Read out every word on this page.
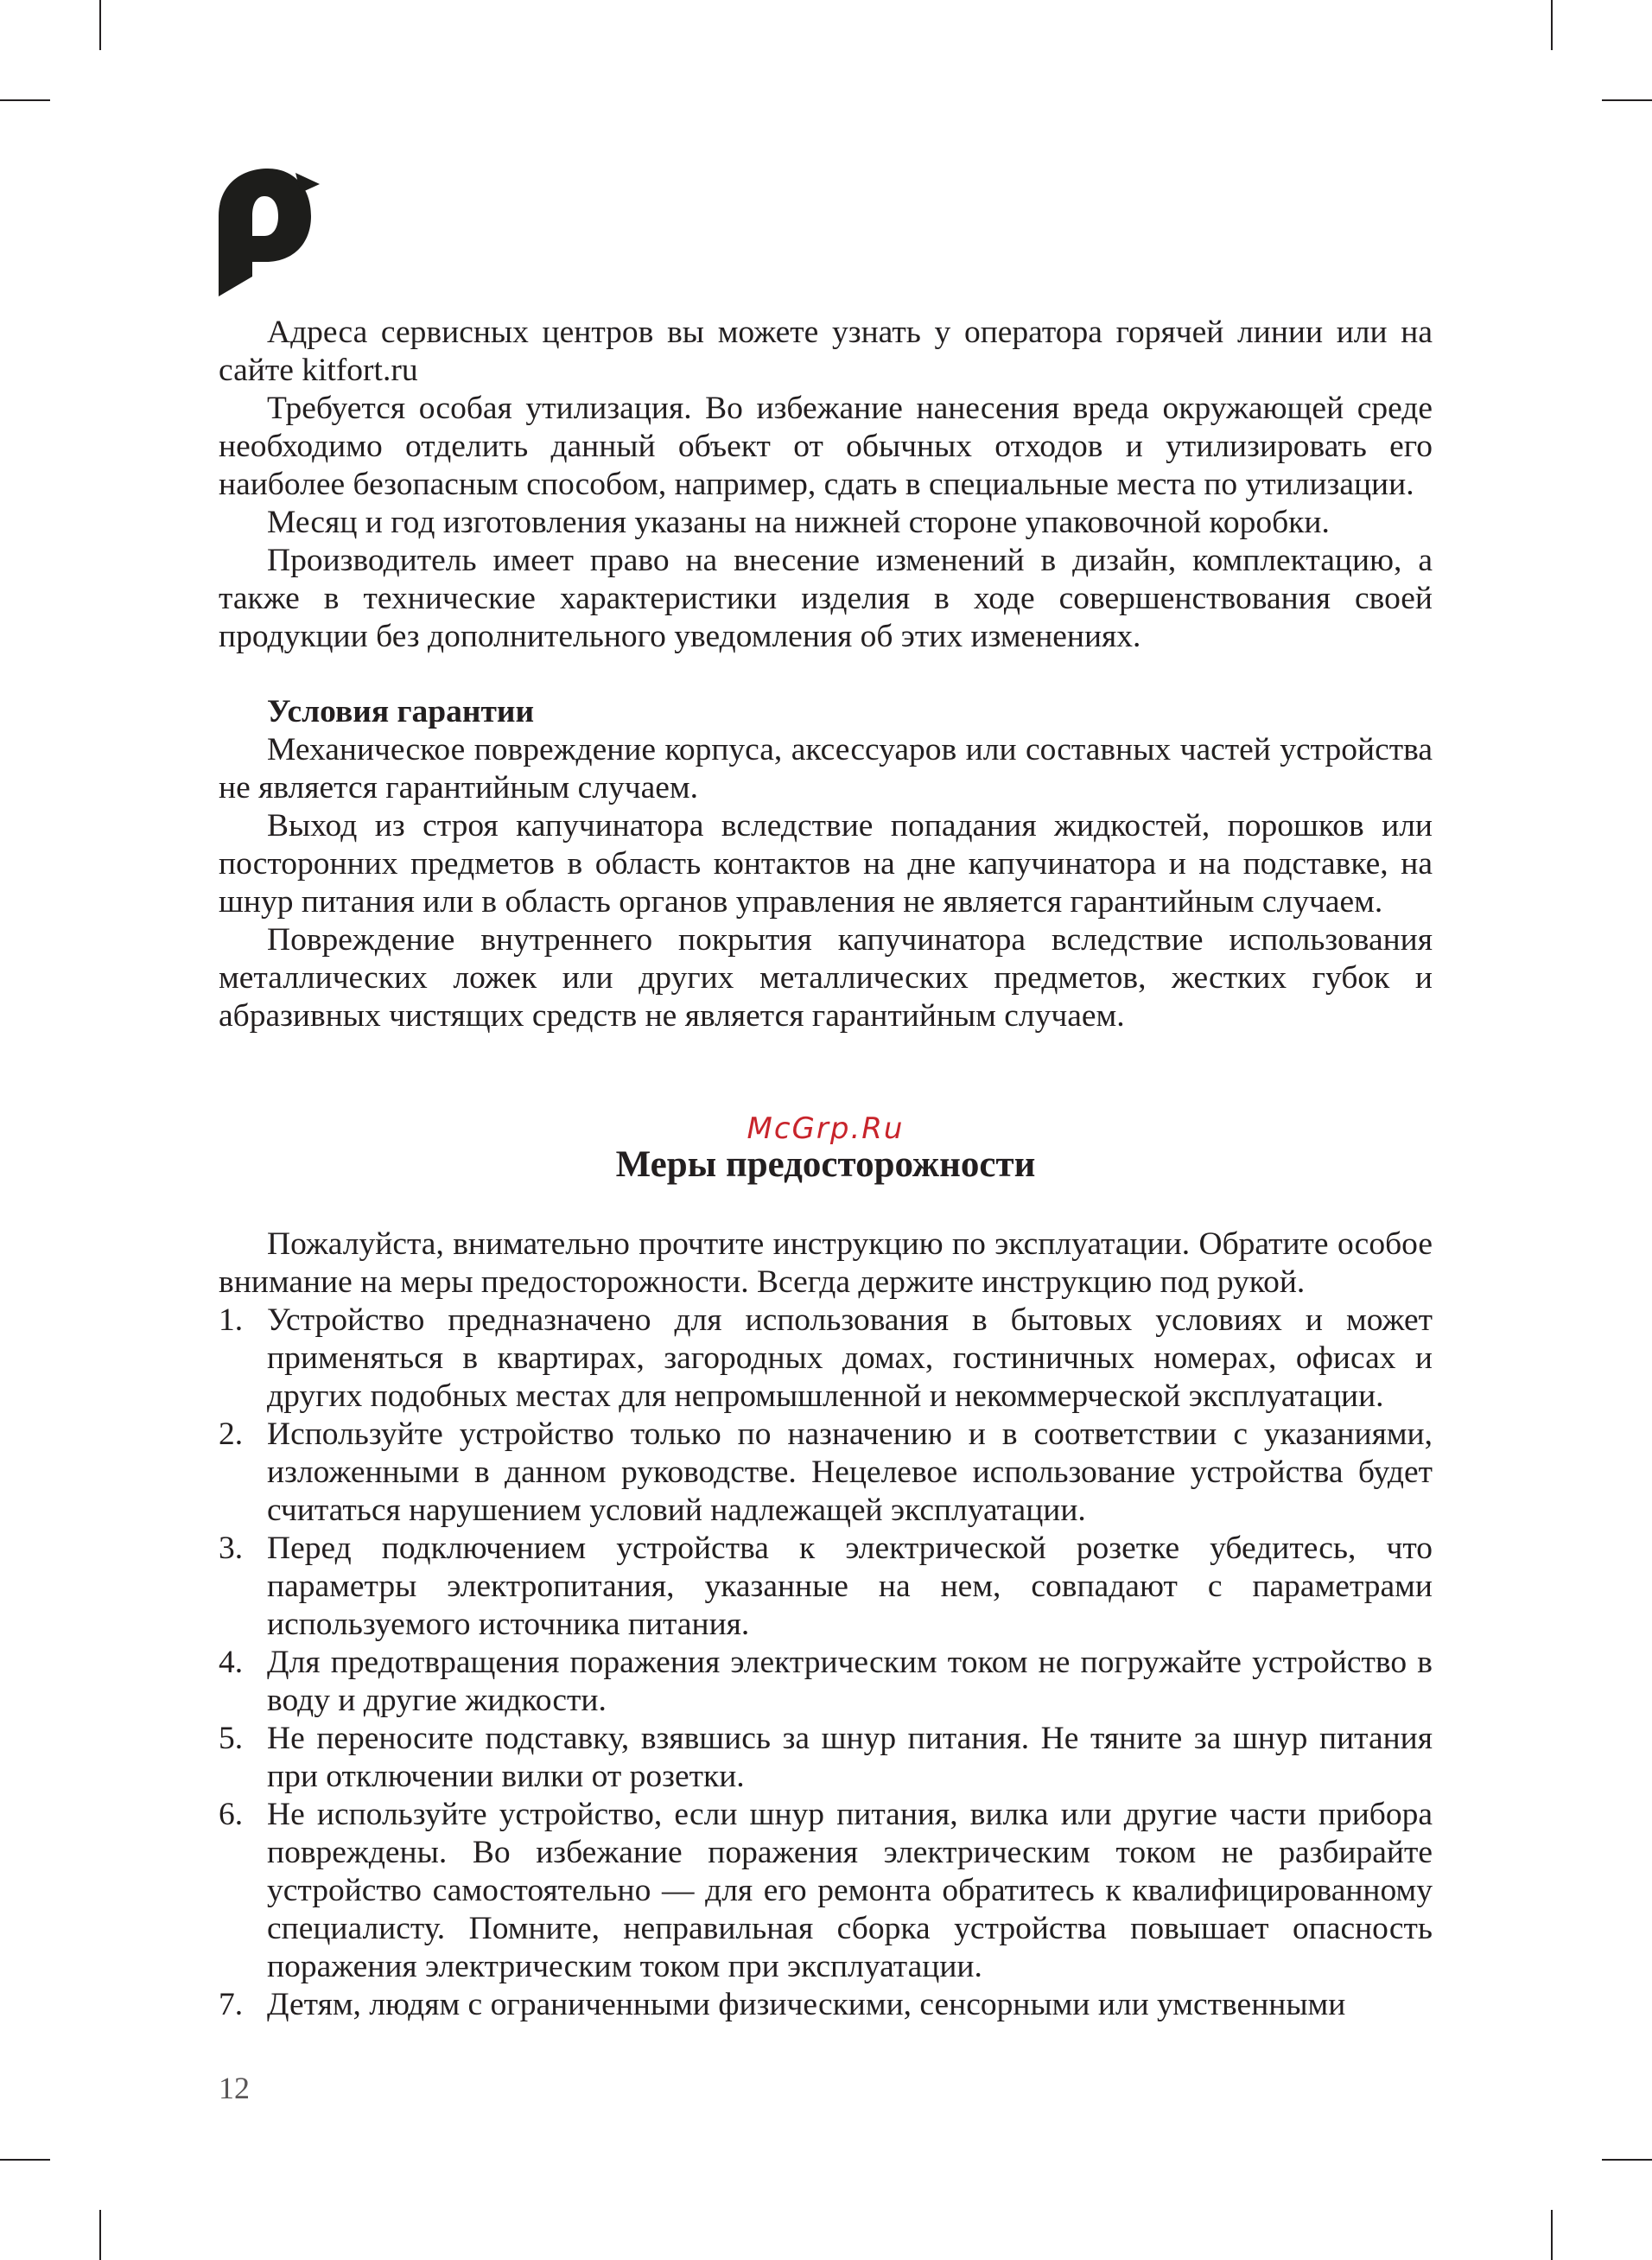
Адреса сервисных центров вы можете узнать у оператора горячей линии или на сайте kitfort.ru

Требуется особая утилизация. Во избежание нанесения вреда окружающей среде необходимо отделить данный объект от обычных отходов и утилизировать его наиболее безопасным способом, например, сдать в специальные места по утилизации.

Месяц и год изготовления указаны на нижней стороне упаковочной коробки.

Производитель имеет право на внесение изменений в дизайн, комплектацию, а также в технические характеристики изделия в ходе совершенствования своей продукции без дополнительного уведомления об этих изменениях.

Условия гарантии

Механическое повреждение корпуса, аксессуаров или составных частей устройства не является гарантийным случаем.

Выход из строя капучинатора вследствие попадания жидкостей, порошков или посторонних предметов в область контактов на дне капучинатора и на подставке, на шнур питания или в область органов управления не является гарантийным случаем.

Повреждение внутреннего покрытия капучинатора вследствие использования металлических ложек или других металлических предметов, жестких губок и абразивных чистящих средств не является гарантийным случаем.

McGrp.Ru
Меры предосторожности

Пожалуйста, внимательно прочтите инструкцию по эксплуатации. Обратите особое внимание на меры предосторожности. Всегда держите инструкцию под рукой.

1. Устройство предназначено для использования в бытовых условиях и может применяться в квартирах, загородных домах, гостиничных номерах, офисах и других подобных местах для непромышленной и некоммерческой эксплуатации.
2. Используйте устройство только по назначению и в соответствии с указаниями, изложенными в данном руководстве. Нецелевое использование устройства будет считаться нарушением условий надлежащей эксплуатации.
3. Перед подключением устройства к электрической розетке убедитесь, что параметры электропитания, указанные на нем, совпадают с параметрами используемого источника питания.
4. Для предотвращения поражения электрическим током не погружайте устройство в воду и другие жидкости.
5. Не переносите подставку, взявшись за шнур питания. Не тяните за шнур питания при отключении вилки от розетки.
6. Не используйте устройство, если шнур питания, вилка или другие части прибора повреждены. Во избежание поражения электрическим током не разбирайте устройство самостоятельно — для его ремонта обратитесь к квалифицированному специалисту. Помните, неправильная сборка устройства повышает опасность поражения электрическим током при эксплуатации.
7. Детям, людям с ограниченными физическими, сенсорными или умственными
12
